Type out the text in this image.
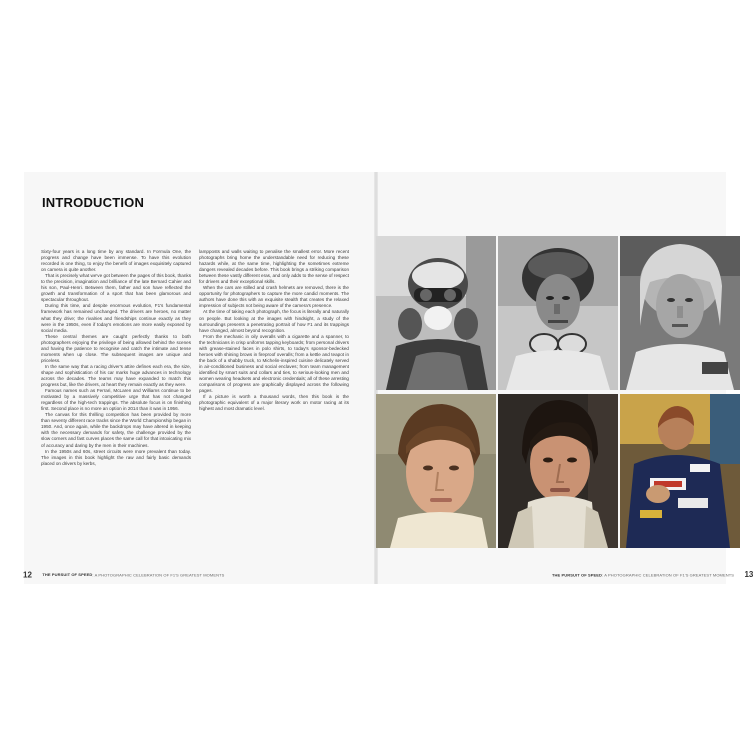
INTRODUCTION

Sixty-four years is a long time by any standard. In Formula One, the progress and change have been immense. To have this evolution recorded is one thing, to enjoy the benefit of images exquisitely captured on camera is quite another.

That is precisely what we've got between the pages of this book, thanks to the precision, imagination and brilliance of the late Bernard Cahier and his son, Paul-Henri. Between them, father and son have reflected the growth and transformation of a sport that has been glamorous and spectacular throughout.

During this time, and despite enormous evolution, F1's fundamental framework has remained unchanged. The drivers are heroes, no matter what they drive; the rivalries and friendships continue exactly as they were in the 1950s, even if today's emotions are more easily exposed by social media.

These central themes are caught perfectly thanks to both photographers enjoying the privilege of being allowed behind the scenes and having the patience to recognise and catch the intimate and tense moments when up close. The subsequent images are unique and priceless.

In the same way that a racing driver's attire defines each era, the size, shape and sophistication of his car marks huge advances in technology across the decades. The teams may have expanded to match this progress but, like the drivers, at heart they remain exactly as they were.

Famous names such as Ferrari, McLaren and Williams continue to be motivated by a massively competitive urge that has not changed regardless of the high-tech trappings. The absolute focus is on finishing first. Second place is no more an option in 2014 than it was in 1956.

The canvas for this thrilling competition has been provided by more than seventy different race tracks since the World Championship began in 1950. And, once again, while the backdrops may have altered in keeping with the necessary demands for safety, the challenge provided by the slow corners and fast curves places the same call for that intoxicating mix of accuracy and daring by the men in their machines.

In the 1950s and 60s, street circuits were more prevalent than today. The images in this book highlight the raw and fairly basic demands placed on drivers by kerbs,

lampposts and walls waiting to penalise the smallest error. More recent photographs bring home the understandable need for reducing these hazards while, at the same time, highlighting the sometimes extreme dangers revealed decades before. This book brings a striking comparison between these vastly different eras, and only adds to the sense of respect for drivers and their exceptional skills.

When the cars are stilled and crash helmets are removed, there is the opportunity for photographers to capture the more candid moments. The authors have done this with an exquisite stealth that creates the relaxed impression of subjects not being aware of the camera's presence.

At the time of taking each photograph, the focus is literally and naturally on people. But looking at the images with hindsight, a study of the surroundings presents a penetrating portrait of how F1 and its trappings have changed, almost beyond recognition.

From the mechanic in oily overalls with a cigarette and a spanner, to the technicians in crisp uniforms tapping keyboards; from personal drivers with grease-stained faces in polo shirts, to today's sponsor-bedecked heroes with shining brows in fireproof overalls; from a kettle and teapot in the back of a shabby truck, to Michelin-inspired cuisine delicately served in air-conditioned business and social enclaves; from team management identified by smart suits and collars and ties, to serious-looking men and women wearing headsets and electronic credentials; all of these arresting comparisons of progress are graphically displayed across the following pages.

If a picture is worth a thousand words, then this book is the photographic equivalent of a major literary work on motor racing at its highest and most dramatic level.

12	THE PURSUIT OF SPEED: A PHOTOGRAPHIC CELEBRATION OF F1'S GREATEST MOMENTS	THE PURSUIT OF SPEED: A PHOTOGRAPHIC CELEBRATION OF F1'S GREATEST MOMENTS 13
